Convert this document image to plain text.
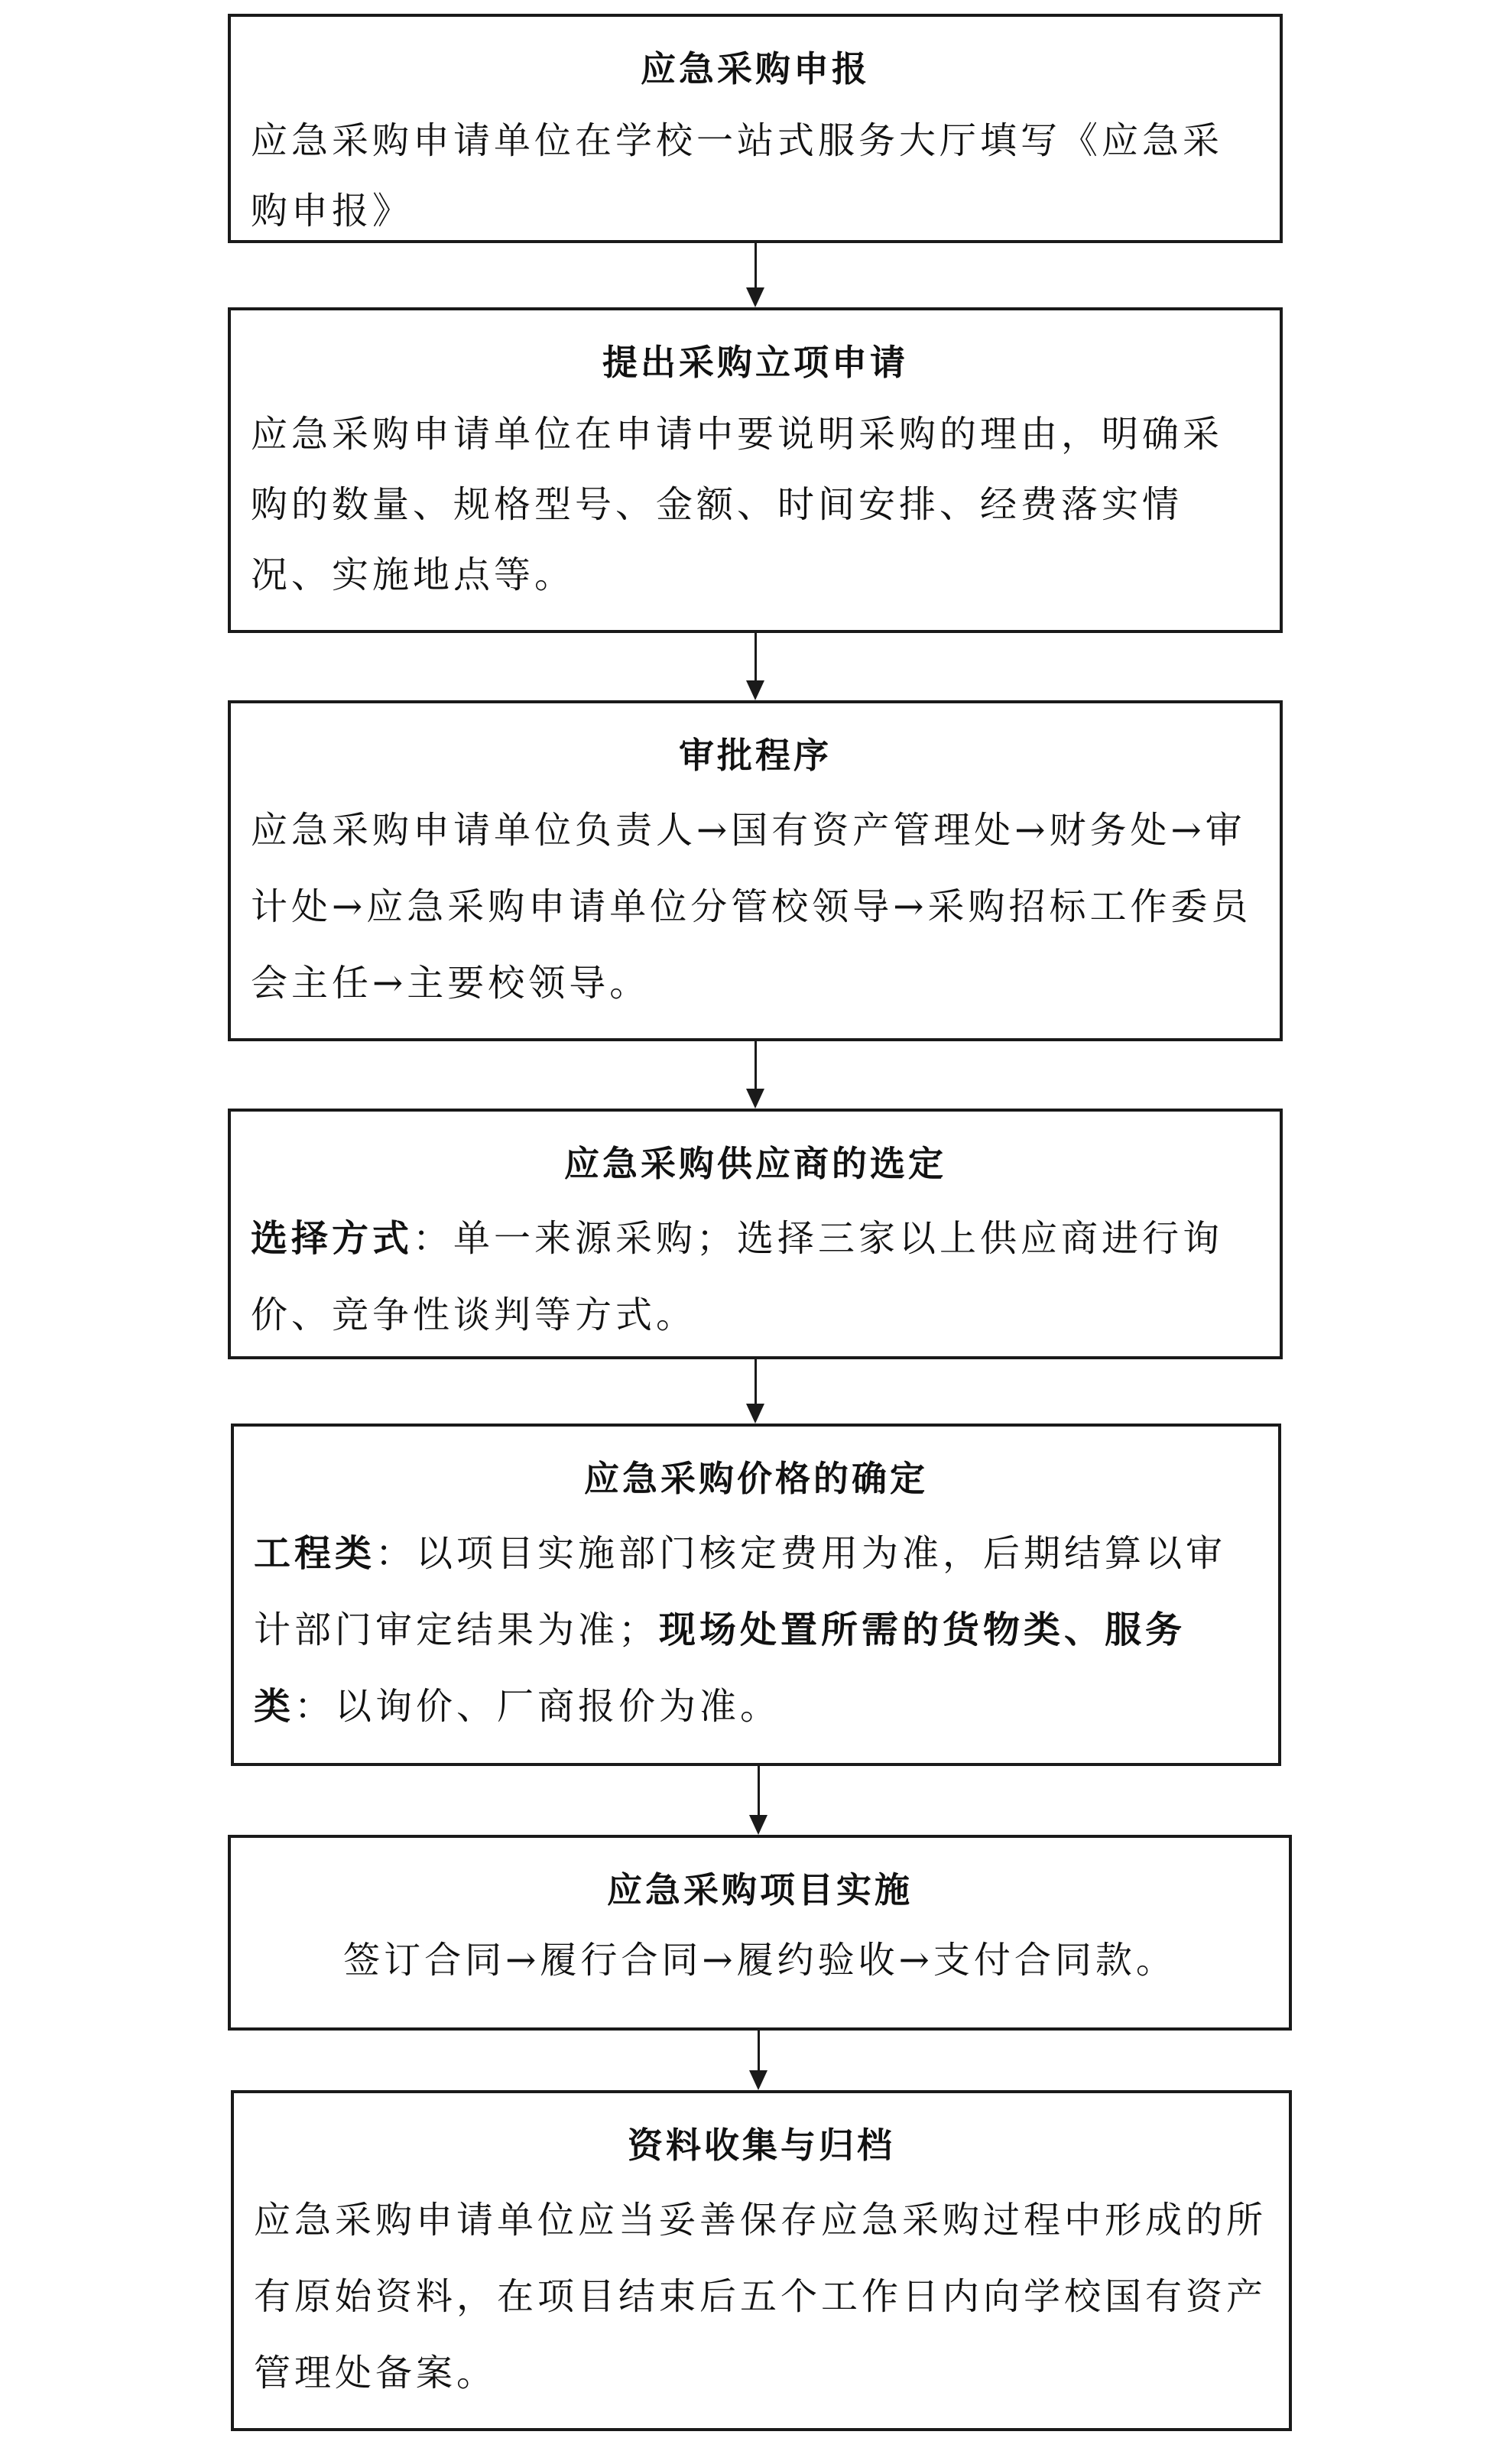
应急采购申报
应急采购申请单位在学校一站式服务大厅填写《应急采购申报》
提出采购立项申请
应急采购申请单位在申请中要说明采购的理由，明确采购的数量、规格型号、金额、时间安排、经费落实情况、实施地点等。
审批程序
应急采购申请单位负责人→国有资产管理处→财务处→审计处→应急采购申请单位分管校领导→采购招标工作委员会主任→主要校领导。
应急采购供应商的选定
选择方式：单一来源采购；选择三家以上供应商进行询价、竞争性谈判等方式。
应急采购价格的确定
工程类：以项目实施部门核定费用为准，后期结算以审计部门审定结果为准；现场处置所需的货物类、服务类：以询价、厂商报价为准。
应急采购项目实施
签订合同→履行合同→履约验收→支付合同款。
资料收集与归档
应急采购申请单位应当妥善保存应急采购过程中形成的所有原始资料，在项目结束后五个工作日内向学校国有资产管理处备案。
